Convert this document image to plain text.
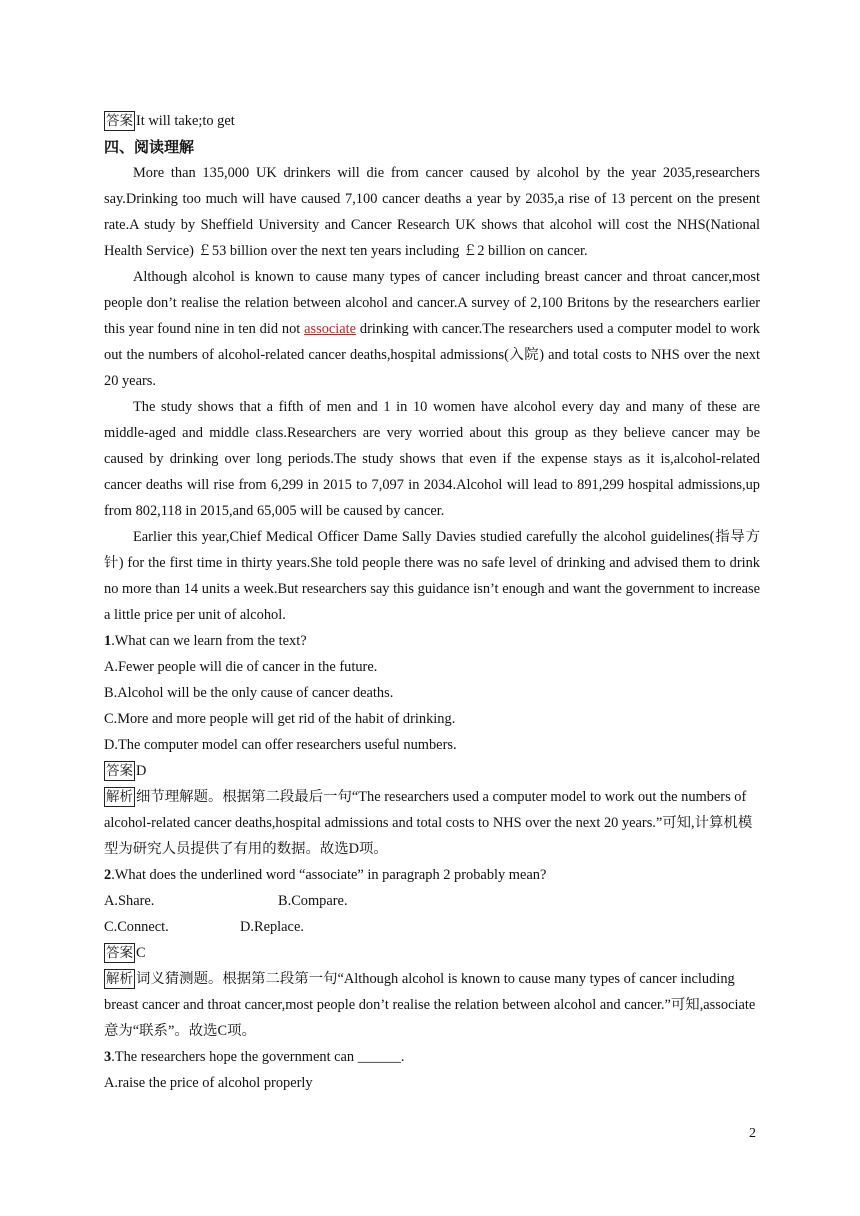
答案 It will take;to get
四、阅读理解

More than 135,000 UK drinkers will die from cancer caused by alcohol by the year 2035,researchers say.Drinking too much will have caused 7,100 cancer deaths a year by 2035,a rise of 13 percent on the present rate.A study by Sheffield University and Cancer Research UK shows that alcohol will cost the NHS(National Health Service) ￡53 billion over the next ten years including ￡2 billion on cancer.

Although alcohol is known to cause many types of cancer including breast cancer and throat cancer,most people don’t realise the relation between alcohol and cancer.A survey of 2,100 Britons by the researchers earlier this year found nine in ten did not associate drinking with cancer.The researchers used a computer model to work out the numbers of alcohol-related cancer deaths,hospital admissions(入院) and total costs to NHS over the next 20 years.

The study shows that a fifth of men and 1 in 10 women have alcohol every day and many of these are middle-aged and middle class.Researchers are very worried about this group as they believe cancer may be caused by drinking over long periods.The study shows that even if the expense stays as it is,alcohol-related cancer deaths will rise from 6,299 in 2015 to 7,097 in 2034.Alcohol will lead to 891,299 hospital admissions,up from 802,118 in 2015,and 65,005 will be caused by cancer.

Earlier this year,Chief Medical Officer Dame Sally Davies studied carefully the alcohol guidelines(指导方针) for the first time in thirty years.She told people there was no safe level of drinking and advised them to drink no more than 14 units a week.But researchers say this guidance isn’t enough and want the government to increase a little price per unit of alcohol.

1.What can we learn from the text?
A.Fewer people will die of cancer in the future.
B.Alcohol will be the only cause of cancer deaths.
C.More and more people will get rid of the habit of drinking.
D.The computer model can offer researchers useful numbers.
答案 D
解析 细节理解题。根据第二段最后一句“The researchers used a computer model to work out the numbers of alcohol-related cancer deaths,hospital admissions and total costs to NHS over the next 20 years.”可知,计算机模型为研究人员提供了有用的数据。故选D项。
2.What does the underlined word “associate” in paragraph 2 probably mean?
A.Share.	B.Compare.
C.Connect.	D.Replace.
答案 C
解析 词义猜测题。根据第二段第一句“Although alcohol is known to cause many types of cancer including breast cancer and throat cancer,most people don’t realise the relation between alcohol and cancer.”可知,associate意为“联系”。故选C项。
3.The researchers hope the government can ______.
A.raise the price of alcohol properly
2
